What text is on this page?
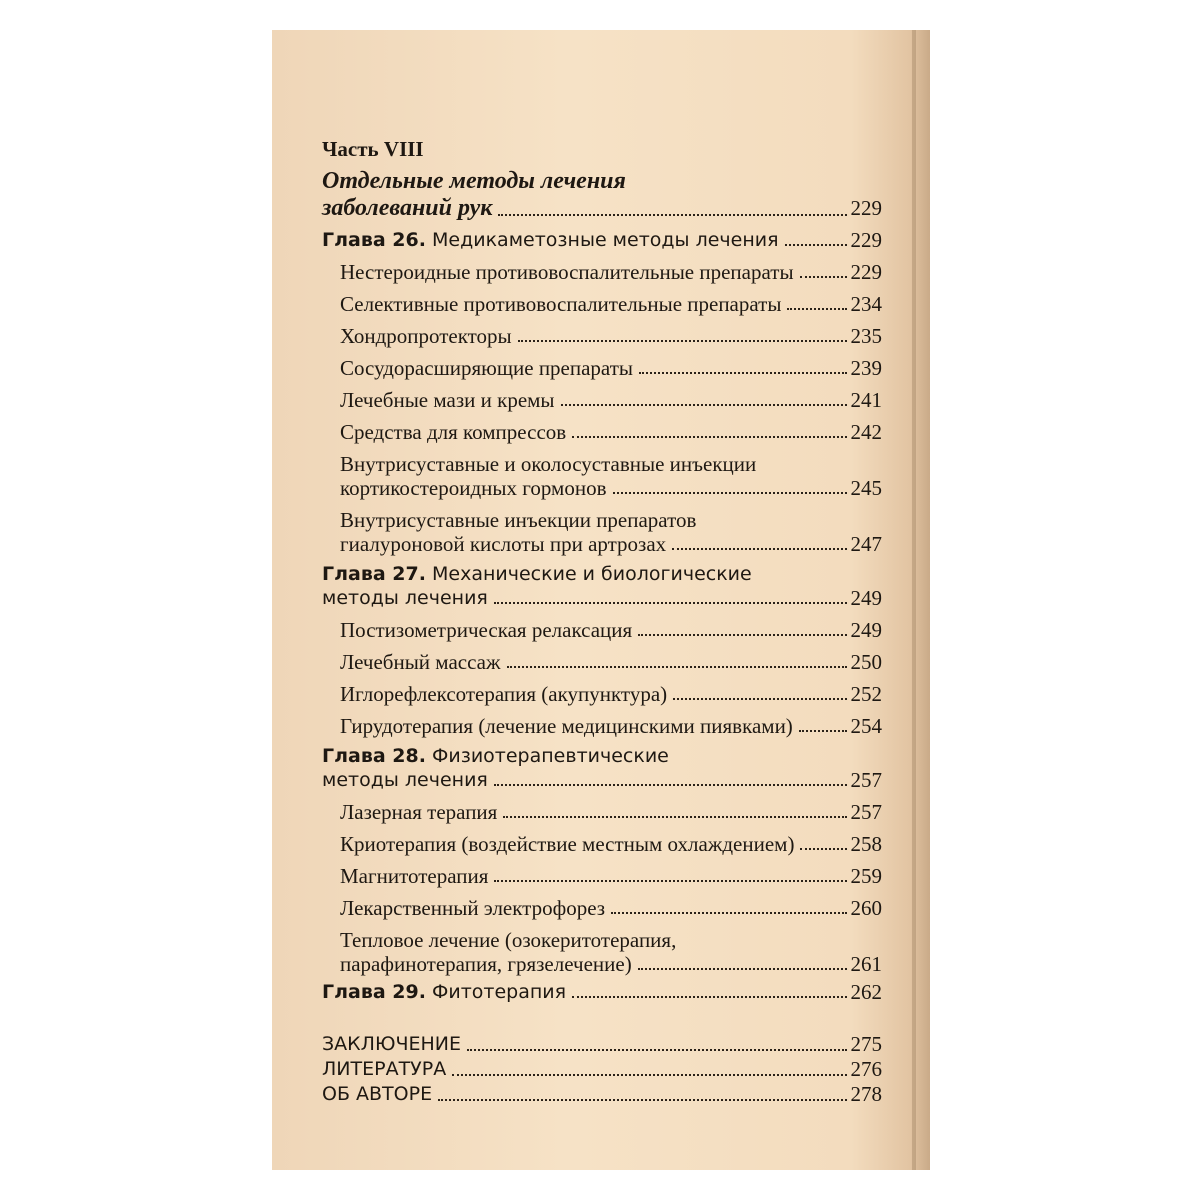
Часть VIII
Отдельные методы лечения
заболеваний рук	229
Глава 26. Медикаметозные методы лечения	229
Нестероидные противовоспалительные препараты	229
Селективные противовоспалительные препараты	234
Хондропротекторы	235
Сосудорасширяющие препараты	239
Лечебные мази и кремы	241
Средства для компрессов	242
Внутрисуставные и околосуставные инъекции
кортикостероидных гормонов	245
Внутрисуставные инъекции препаратов
гиалуроновой кислоты при артрозах	247
Глава 27. Механические и биологические
методы лечения	249
Постизометрическая релаксация	249
Лечебный массаж	250
Иглорефлексотерапия (акупунктура)	252
Гирудотерапия (лечение медицинскими пиявками)	254
Глава 28. Физиотерапевтические
методы лечения	257
Лазерная терапия	257
Криотерапия (воздействие местным охлаждением)	258
Магнитотерапия	259
Лекарственный электрофорез	260
Тепловое лечение (озокеритотерапия,
парафинотерапия, грязелечение)	261
Глава 29. Фитотерапия	262
ЗАКЛЮЧЕНИЕ	275
ЛИТЕРАТУРА	276
ОБ АВТОРЕ	278
